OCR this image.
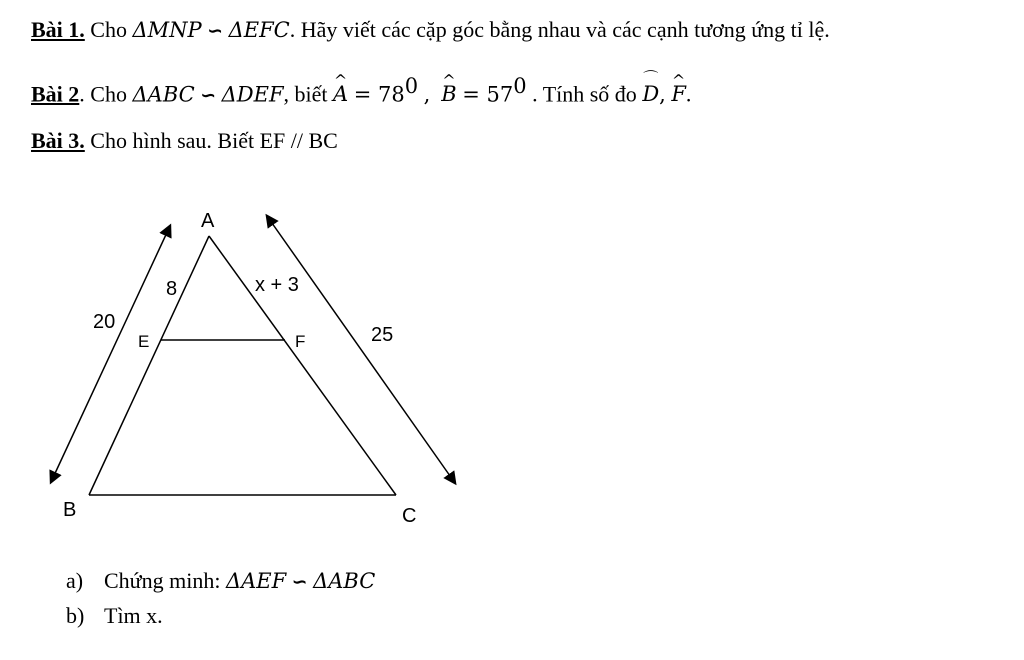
Bài 1. Cho ΔMNP ∽ ΔEFC. Hãy viết các cặp góc bằng nhau và các cạnh tương ứng tỉ lệ.
Bài 2. Cho ΔABC ∽ ΔDEF, biết ^ $A = 78^0$ , ^ $B = 57^0$ . Tính số đo ⌒ D, ^ F.
Bài 3. Cho hình sau. Biết EF // BC
A
B	C
E	F
8
20
x + 3
25
a) Chứng minh: ΔAEF ∽ ΔABC
b) Tìm x.
